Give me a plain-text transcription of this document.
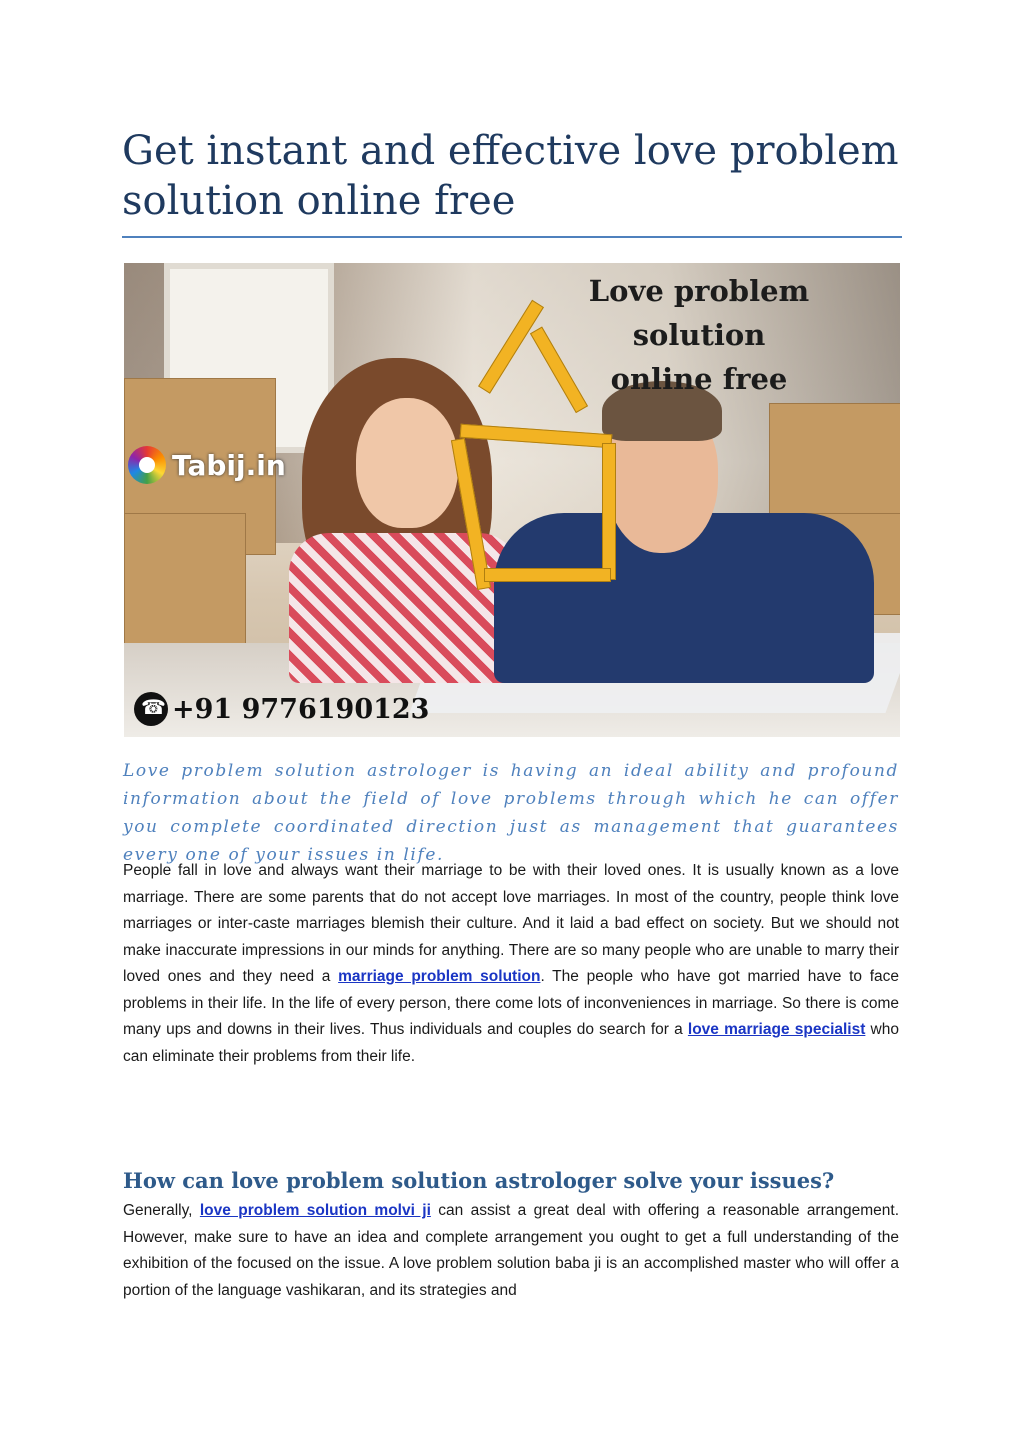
Get instant and effective love problem solution online free
Love problem solution
online free
Tabij.in
☎
+91 9776190123

Love problem solution astrologer is having an ideal ability and profound information about the field of love problems through which he can offer you complete coordinated direction just as management that guarantees every one of your issues in life.

People fall in love and always want their marriage to be with their loved ones. It is usually known as a love marriage. There are some parents that do not accept love marriages. In most of the country, people think love marriages or inter-caste marriages blemish their culture. And it laid a bad effect on society. But we should not make inaccurate impressions in our minds for anything. There are so many people who are unable to marry their loved ones and they need a marriage problem solution. The people who have got married have to face problems in their life. In the life of every person, there come lots of inconveniences in marriage. So there is come many ups and downs in their lives. Thus individuals and couples do search for a love marriage specialist who can eliminate their problems from their life.

How can love problem solution astrologer solve your issues?

Generally, love problem solution molvi ji can assist a great deal with offering a reasonable arrangement. However, make sure to have an idea and complete arrangement you ought to get a full understanding of the exhibition of the focused on the issue. A love problem solution baba ji is an accomplished master who will offer a portion of the language vashikaran, and its strategies and
